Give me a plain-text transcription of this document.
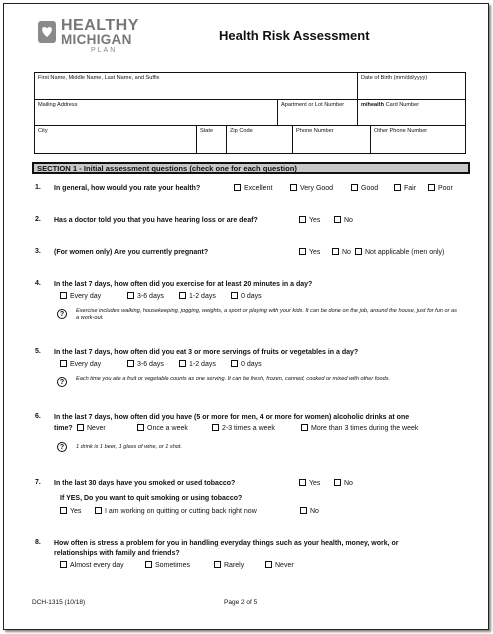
HEALTHY
MICHIGAN
PLAN
Health Risk Assessment
First Name, Middle Name, Last Name, and Suffix	Date of Birth (mm/dd/yyyy)
Mailing Address	Apartment or Lot Number	mihealth Card Number
City	State	Zip Code	Phone Number	Other Phone Number
SECTION 1 - Initial assessment questions (check one for each question)
1. In general, how would you rate your health?	Excellent	Very Good	Good	Fair	Poor
2. Has a doctor told you that you have hearing loss or are deaf?	Yes	No
3. (For women only) Are you currently pregnant?	Yes	No	Not applicable (men only)
4. In the last 7 days, how often did you exercise for at least 20 minutes in a day?
Every day	3-6 days	1-2 days	0 days
?	Exercise includes walking, housekeeping, jogging, weights, a sport or playing with your kids. It can be done on the job, around the house, just for fun or as a work-out.
5. In the last 7 days, how often did you eat 3 or more servings of fruits or vegetables in a day?
Every day	3-6 days	1-2 days	0 days
?	Each time you ate a fruit or vegetable counts as one serving. It can be fresh, frozen, canned, cooked or mixed with other foods.
6. In the last 7 days, how often did you have (5 or more for men, 4 or more for women) alcoholic drinks at one
time?	Never	Once a week	2-3 times a week	More than 3 times during the week
?	1 drink is 1 beer, 1 glass of wine, or 1 shot.
7. In the last 30 days have you smoked or used tobacco?	Yes	No
If YES, Do you want to quit smoking or using tobacco?
Yes	I am working on quitting or cutting back right now	No
8. How often is stress a problem for you in handling everyday things such as your health, money, work, or
relationships with family and friends?
Almost every day	Sometimes	Rarely	Never
DCH-1315 (10/18)	Page 2 of 5
